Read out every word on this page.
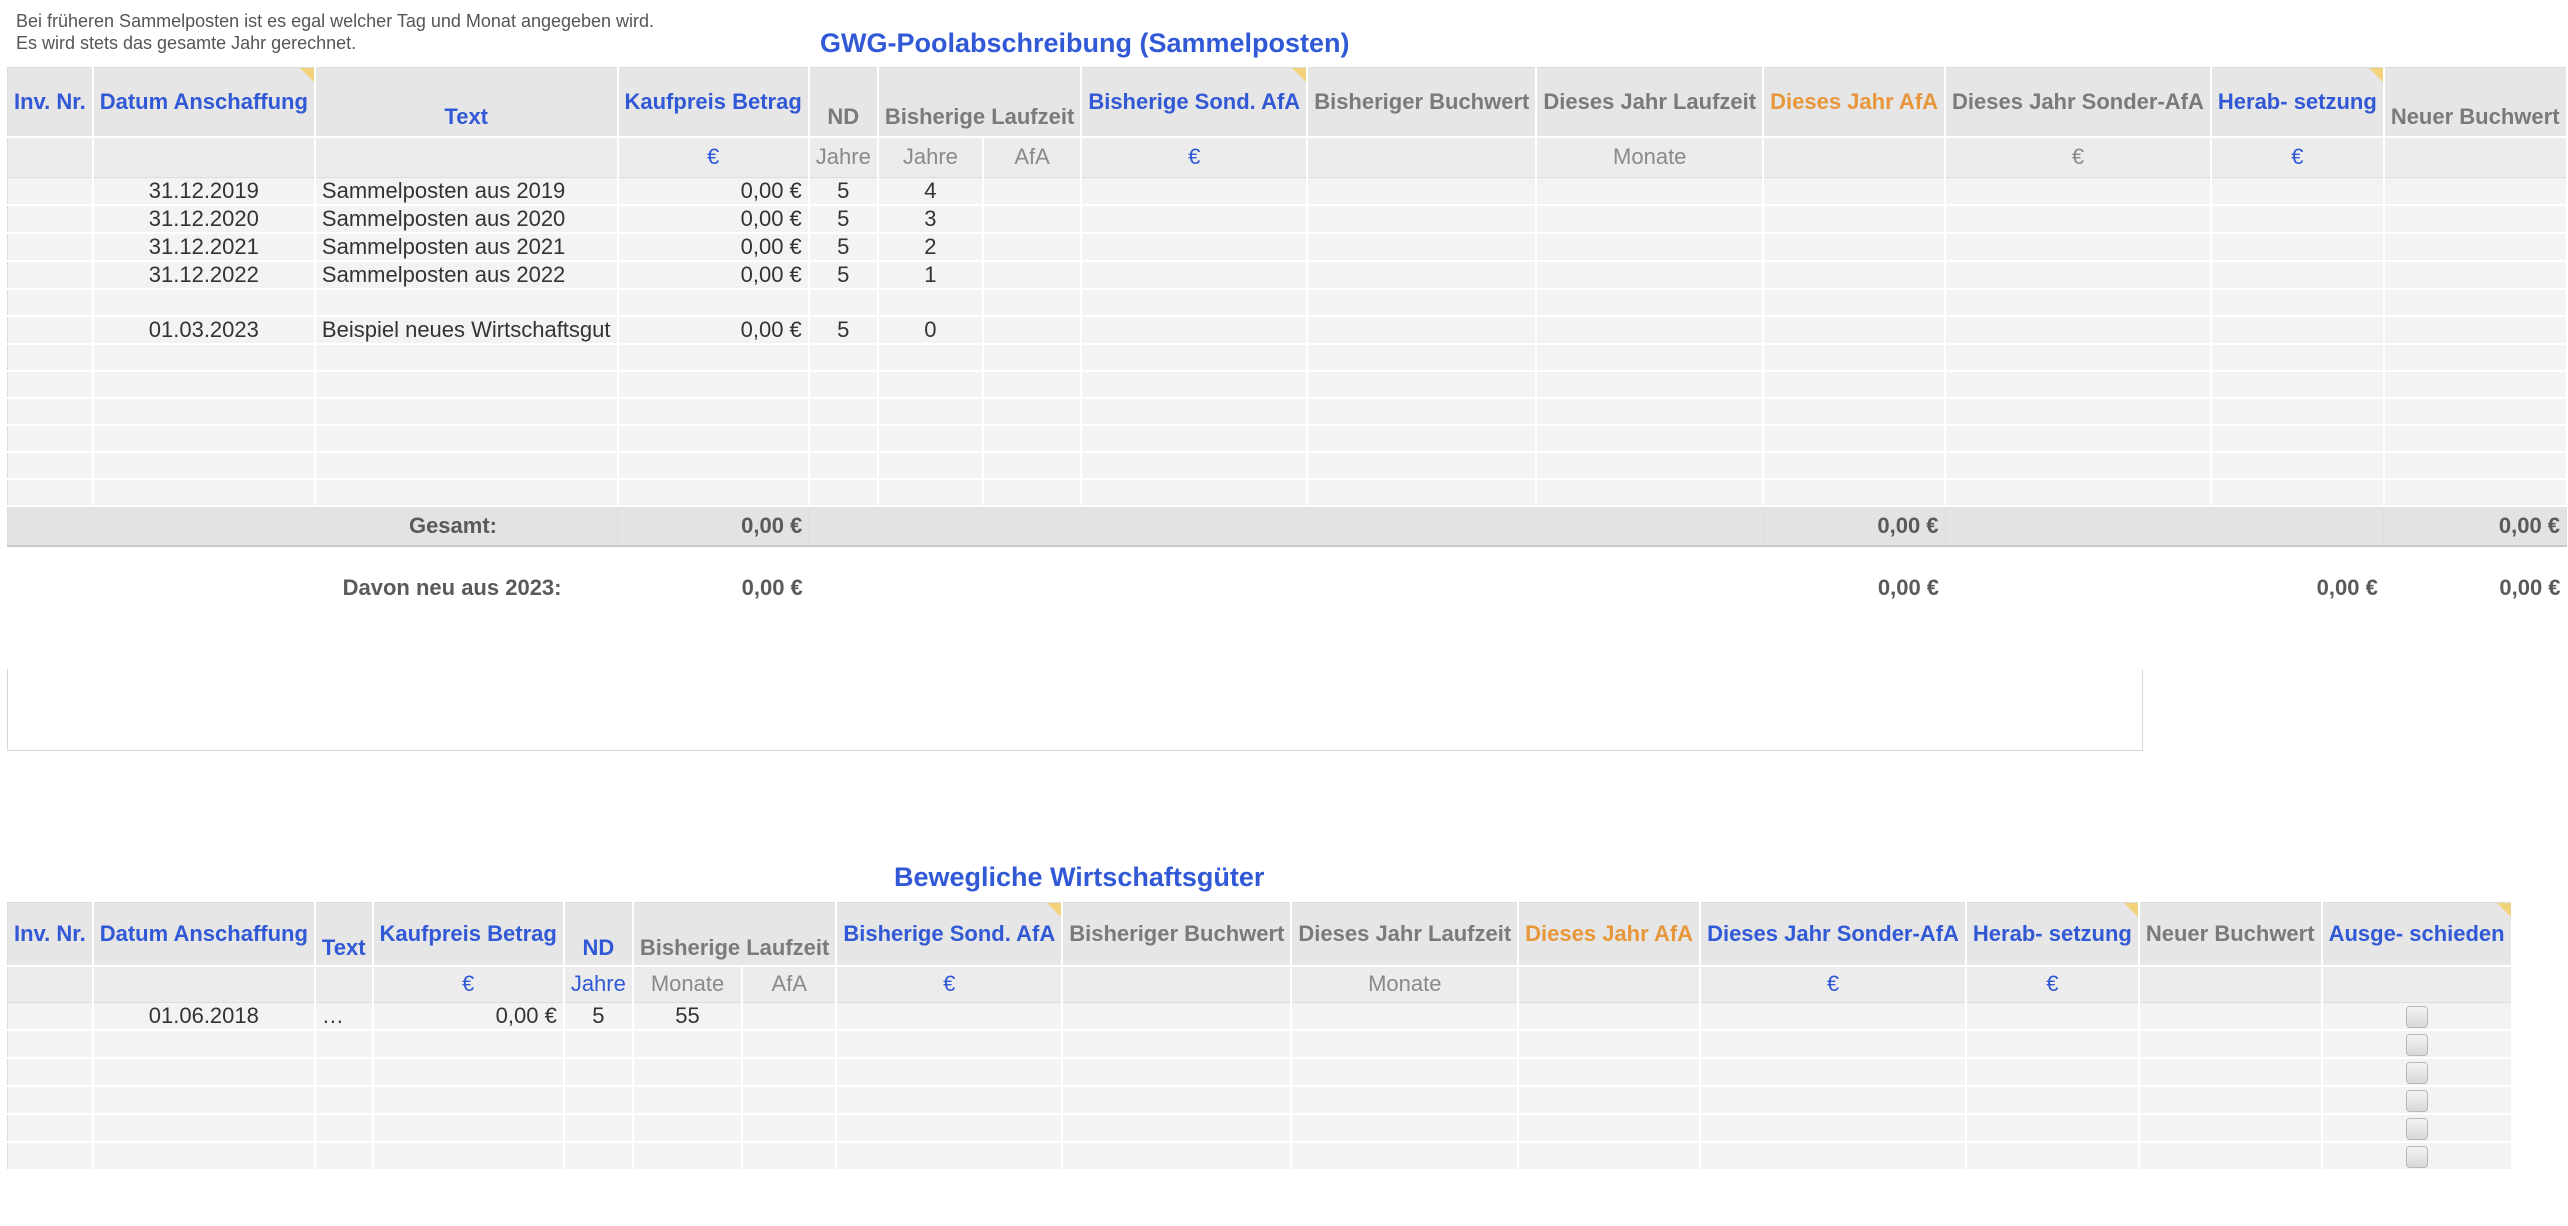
Bei früheren Sammelposten ist es egal welcher Tag und Monat angegeben wird.
Es wird stets das gesamte Jahr gerechnet.	GWG-Poolabschreibung (Sammelposten)
Inv. Nr.	Datum Anschaffung	Text	Kaufpreis Betrag	ND	Bisherige Laufzeit		Bisherige Sond. AfA	Bisheriger Buchwert	Dieses Jahr Laufzeit	Dieses Jahr AfA	Dieses Jahr Sonder-AfA	Herab- setzung	Neuer Buchwert
			€	Jahre	Jahre	AfA	€		Monate		€	€	
	31.12.2019	Sammelposten aus 2019	0,00 €	5	4								
	31.12.2020	Sammelposten aus 2020	0,00 €	5	3								
	31.12.2021	Sammelposten aus 2021	0,00 €	5	2								
	31.12.2022	Sammelposten aus 2022	0,00 €	5	1								

	01.03.2023	Beispiel neues Wirtschaftsgut	0,00 €	5	0								

Gesamt:			0,00 €							0,00 €			0,00 €
Davon neu aus 2023:			0,00 €							0,00 €		0,00 €	0,00 €
Bewegliche Wirtschaftsgüter
Inv. Nr.	Datum Anschaffung	Text	Kaufpreis Betrag	ND	Bisherige Laufzeit		Bisherige Sond. AfA	Bisheriger Buchwert	Dieses Jahr Laufzeit	Dieses Jahr AfA	Dieses Jahr Sonder-AfA	Herab- setzung	Neuer Buchwert	Ausge- schieden
			€	Jahre	Monate	AfA	€		Monate		€	€		
	01.06.2018	…	0,00 €	5	55									
